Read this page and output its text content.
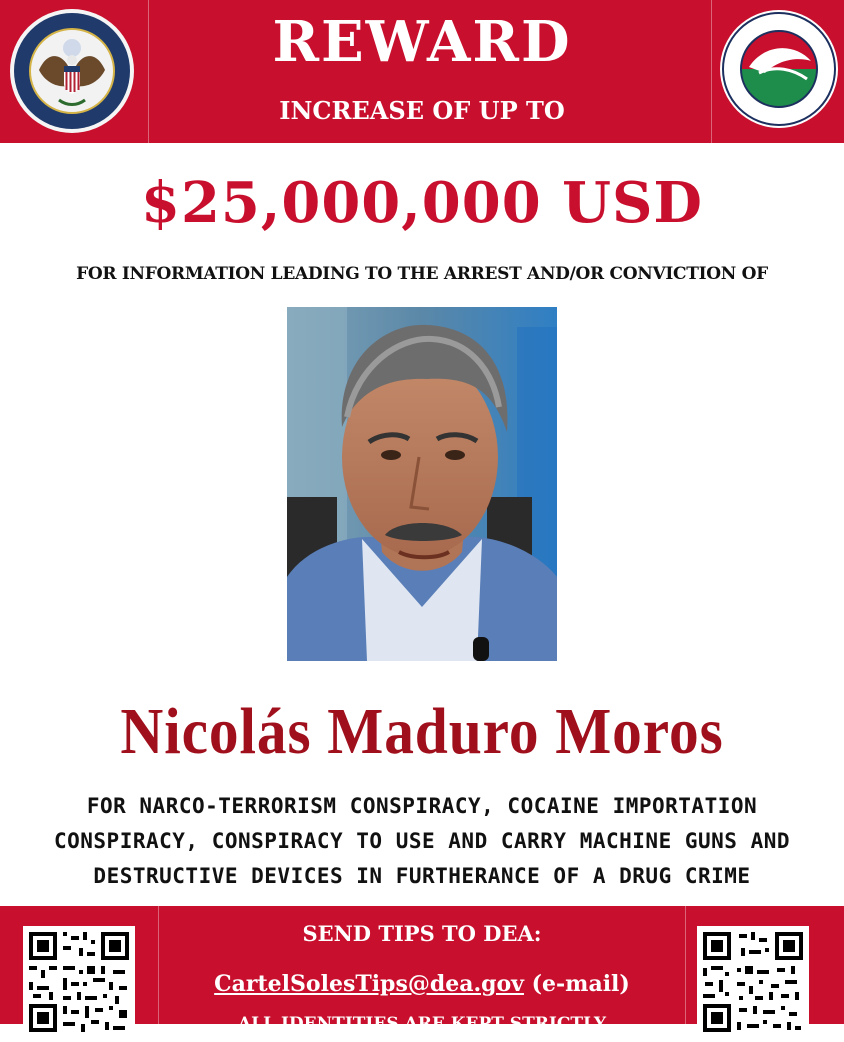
REWARD
INCREASE OF UP TO
$25,000,000 USD
FOR INFORMATION LEADING TO THE ARREST AND/OR CONVICTION OF
Nicolás Maduro Moros
FOR NARCO-TERRORISM CONSPIRACY, COCAINE IMPORTATION
CONSPIRACY, CONSPIRACY TO USE AND CARRY MACHINE GUNS AND
DESTRUCTIVE DEVICES IN FURTHERANCE OF A DRUG CRIME
SEND TIPS TO DEA:
CartelSolesTips@dea.gov (e-mail)
ALL IDENTITIES ARE KEPT STRICTLY
